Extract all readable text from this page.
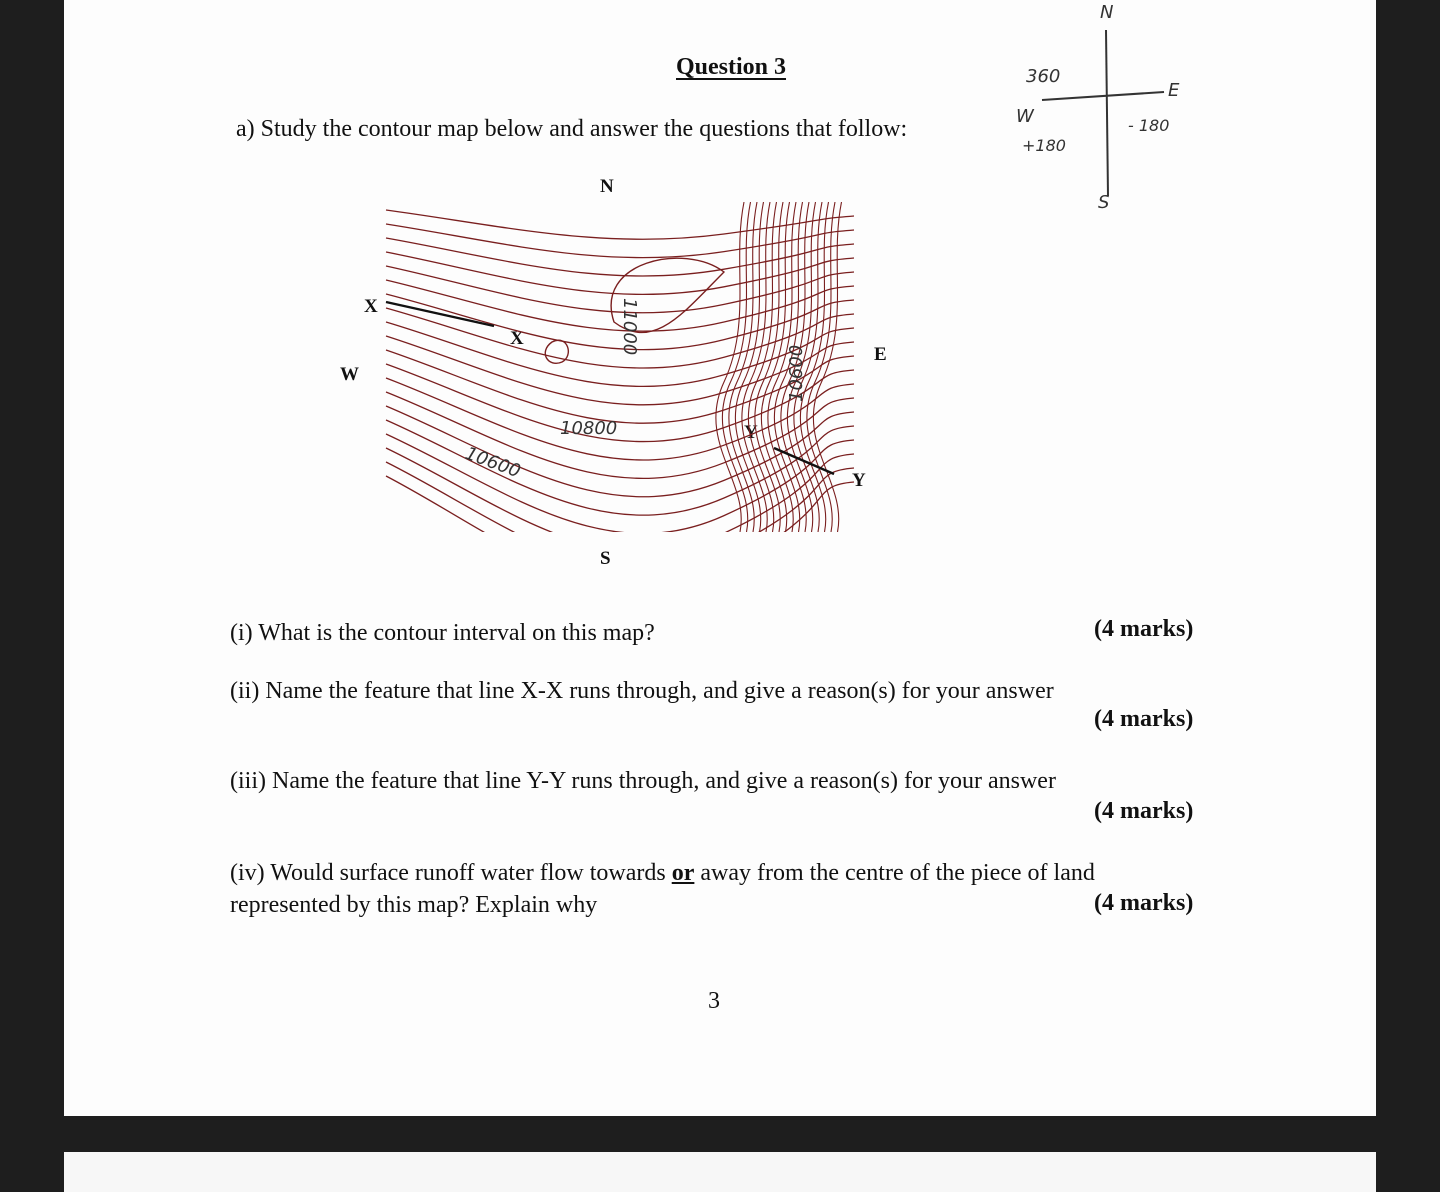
Question 3
a) Study the contour map below and answer the questions that follow:
N
E
S
W
360
+180
- 180
N
S
E
W
X
X
Y
Y
11000
10600
10800
10600
(i) What is the contour interval on this map?	(4 marks)
(ii) Name the feature that line X-X runs through, and give a reason(s) for your answer
(4 marks)
(iii) Name the feature that line Y-Y runs through, and give a reason(s) for your answer
(4 marks)
(iv) Would surface runoff water flow towards or away from the centre of the piece of land
represented by this map? Explain why	(4 marks)
3
